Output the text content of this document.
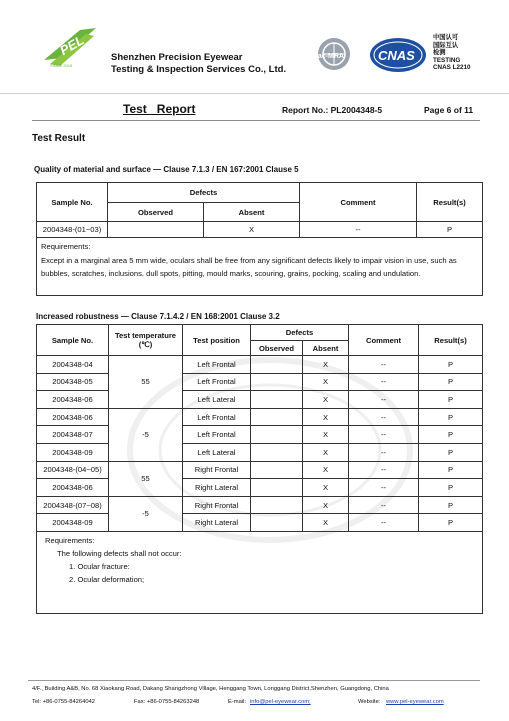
PEL
SINCE 2015
Shenzhen Precision Eyewear
Testing & Inspection Services Co., Ltd.
ilac-MRA	CNAS
中国认可
国际互认
检测
TESTING
CNAS L2210
Test   Report	Report No.: PL2004348-5	Page 6 of 11
Test Result
Quality of material and surface — Clause 7.1.3 / EN 167:2001 Clause 5
Sample No.	Defects		Comment	Result(s)
	Observed	Absent		
2004348-(01~03)		X	--	P

Requirements:
Except in a marginal area 5 mm wide, oculars shall be free from any significant defects likely to impair vision in use, such as bubbles, scratches, inclusions. dull spots, pitting, mould marks, scouring, grains, pocking, scaling and undulation.				
Increased robustness — Clause 7.1.4.2 / EN 168:2001 Clause 3.2
Sample No.	Test temperature
(℃)	Test position	Defects		Comment	Result(s)
			Observed	Absent		
2004348-04	55	Left Frontal		X	--	P
2004348-05		Left Frontal		X	--	P
2004348-06		Left Lateral		X	--	P
2004348-06	-5	Left Frontal		X	--	P
2004348-07		Left Frontal		X	--	P
2004348-09		Left Lateral		X	--	P
2004348-(04~05)	55	Right Frontal		X	--	P
2004348-06		Right Lateral		X	--	P
2004348-(07~08)	-5	Right Frontal		X	--	P
2004348-09		Right Lateral		X	--	P

Requirements:
The following defects shall not occur:
1. Ocular fracture:
2. Ocular deformation;						
4/F., Building A&B, No. 68 Xiaokang Road, Dakang Shangzhong Village, Henggang Town, Longgang District,Shenzhen, Guangdong, China
Tel: +86-0755-84264042	Fax: +86-0755-84263248	E-mail: info@pel-eyewear.com;	Website: www.pel-eyewear.com
